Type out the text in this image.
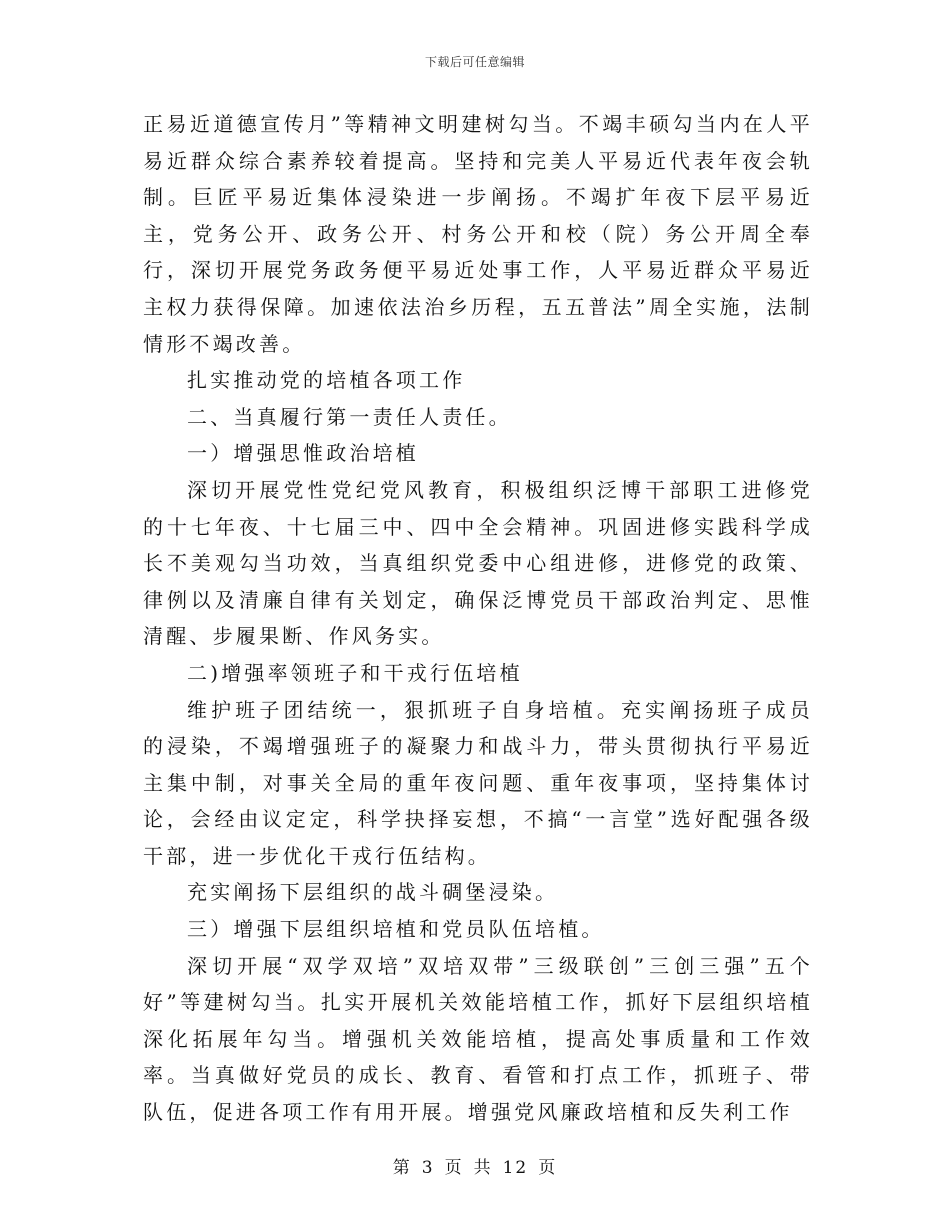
下载后可任意编辑

正易近道德宣传月”等精神文明建树勾当。不竭丰硕勾当内在人平易近群众综合素养较着提高。坚持和完美人平易近代表年夜会轨制。巨匠平易近集体浸染进一步阐扬。不竭扩年夜下层平易近主，党务公开、政务公开、村务公开和校（院）务公开周全奉行，深切开展党务政务便平易近处事工作，人平易近群众平易近主权力获得保障。加速依法治乡历程，五五普法”周全实施，法制情形不竭改善。

扎实推动党的培植各项工作

二、当真履行第一责任人责任。

一）增强思惟政治培植

深切开展党性党纪党风教育，积极组织泛博干部职工进修党的十七年夜、十七届三中、四中全会精神。巩固进修实践科学成长不美观勾当功效，当真组织党委中心组进修，进修党的政策、律例以及清廉自律有关划定，确保泛博党员干部政治判定、思惟清醒、步履果断、作风务实。

二)增强率领班子和干戎行伍培植

维护班子团结统一，狠抓班子自身培植。充实阐扬班子成员的浸染，不竭增强班子的凝聚力和战斗力，带头贯彻执行平易近主集中制，对事关全局的重年夜问题、重年夜事项，坚持集体讨论，会经由议定定，科学抉择妄想，不搞“一言堂”选好配强各级干部，进一步优化干戎行伍结构。

充实阐扬下层组织的战斗碉堡浸染。

三）增强下层组织培植和党员队伍培植。

深切开展“双学双培”双培双带”三级联创”三创三强”五个好”等建树勾当。扎实开展机关效能培植工作，抓好下层组织培植深化拓展年勾当。增强机关效能培植，提高处事质量和工作效率。当真做好党员的成长、教育、看管和打点工作，抓班子、带队伍，促进各项工作有用开展。增强党风廉政培植和反失利工作

第 3 页 共 12 页
